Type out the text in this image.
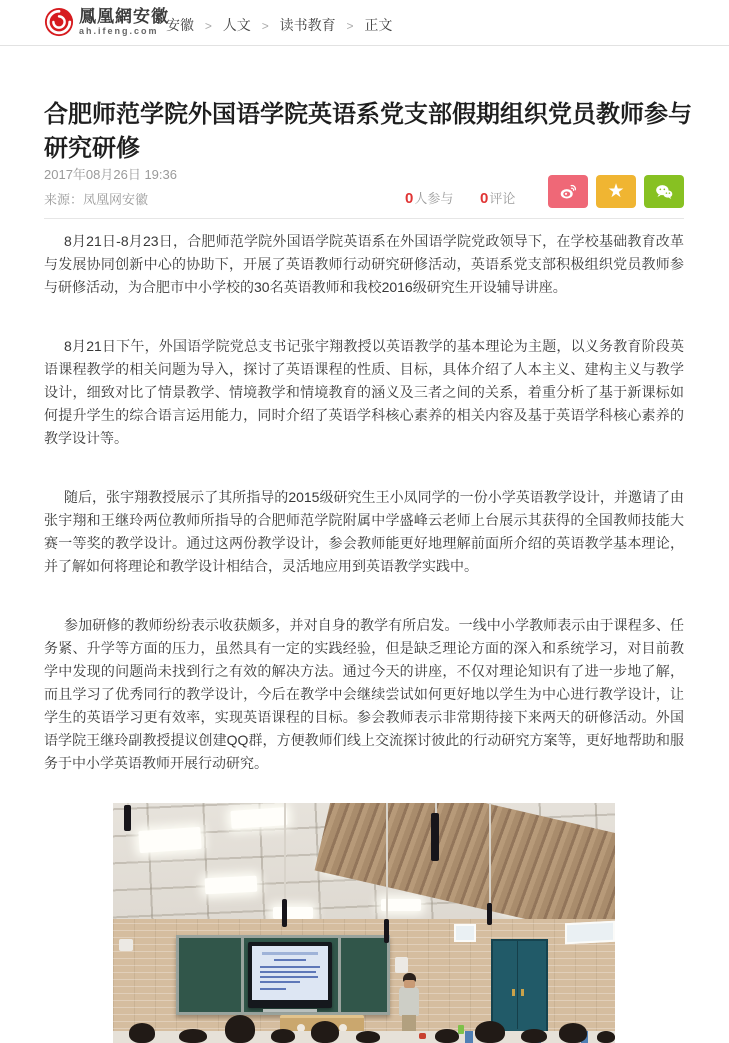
鳳凰網安徽
ah.ifeng.com 安徽 > 人文 > 读书教育 > 正文
合肥师范学院外国语学院英语系党支部假期组织党员教师参与研究研修
2017年08月26日 19:36
来源：凤凰网安徽	0人参与 0评论	★

8月21日-8月23日，合肥师范学院外国语学院英语系在外国语学院党政领导下，在学校基础教育改革与发展协同创新中心的协助下，开展了英语教师行动研究研修活动，英语系党支部积极组织党员教师参与研修活动，为合肥市中小学校的30名英语教师和我校2016级研究生开设辅导讲座。

8月21日下午，外国语学院党总支书记张宇翔教授以英语教学的基本理论为主题，以义务教育阶段英语课程教学的相关问题为导入，探讨了英语课程的性质、目标，具体介绍了人本主义、建构主义与教学设计，细致对比了情景教学、情境教学和情境教育的涵义及三者之间的关系，着重分析了基于新课标如何提升学生的综合语言运用能力，同时介绍了英语学科核心素养的相关内容及基于英语学科核心素养的教学设计等。

随后，张宇翔教授展示了其所指导的2015级研究生王小凤同学的一份小学英语教学设计，并邀请了由张宇翔和王继玲两位教师所指导的合肥师范学院附属中学盛峰云老师上台展示其获得的全国教师技能大赛一等奖的教学设计。通过这两份教学设计，参会教师能更好地理解前面所介绍的英语教学基本理论，并了解如何将理论和教学设计相结合，灵活地应用到英语教学实践中。

参加研修的教师纷纷表示收获颇多，并对自身的教学有所启发。一线中小学教师表示由于课程多、任务紧、升学等方面的压力，虽然具有一定的实践经验，但是缺乏理论方面的深入和系统学习，对目前教学中发现的问题尚未找到行之有效的解决方法。通过今天的讲座，不仅对理论知识有了进一步地了解，而且学习了优秀同行的教学设计，今后在教学中会继续尝试如何更好地以学生为中心进行教学设计，让学生的英语学习更有效率，实现英语课程的目标。参会教师表示非常期待接下来两天的研修活动。外国语学院王继玲副教授提议创建QQ群，方便教师们线上交流探讨彼此的行动研究方案等，更好地帮助和服务于中小学英语教师开展行动研究。
